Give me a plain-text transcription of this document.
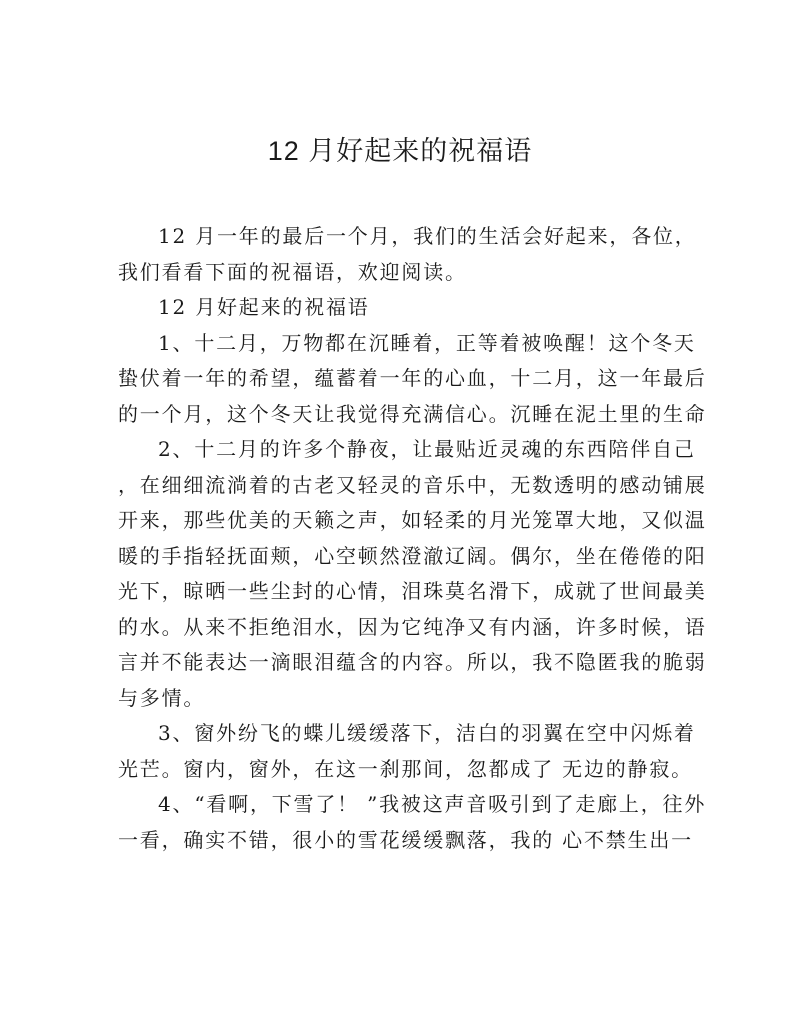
12 月好起来的祝福语

12 月一年的最后一个月，我们的生活会好起来，各位，
我们看看下面的祝福语，欢迎阅读。

12 月好起来的祝福语

1、十二月，万物都在沉睡着，正等着被唤醒！这个冬天
蛰伏着一年的希望，蕴蓄着一年的心血，十二月，这一年最后
的一个月，这个冬天让我觉得充满信心。沉睡在泥土里的生命

2、十二月的许多个静夜，让最贴近灵魂的东西陪伴自己
，在细细流淌着的古老又轻灵的音乐中，无数透明的感动铺展
开来，那些优美的天籁之声，如轻柔的月光笼罩大地，又似温
暖的手指轻抚面颊，心空顿然澄澈辽阔。偶尔，坐在倦倦的阳
光下，晾晒一些尘封的心情，泪珠莫名滑下，成就了世间最美
的水。从来不拒绝泪水，因为它纯净又有内涵，许多时候，语
言并不能表达一滴眼泪蕴含的内容。所以，我不隐匿我的脆弱
与多情。

3、窗外纷飞的蝶儿缓缓落下，洁白的羽翼在空中闪烁着
光芒。窗内，窗外，在这一刹那间，忽都成了 无边的静寂。

4、“看啊，下雪了！ ”我被这声音吸引到了走廊上，往外
一看，确实不错，很小的雪花缓缓飘落，我的 心不禁生出一
